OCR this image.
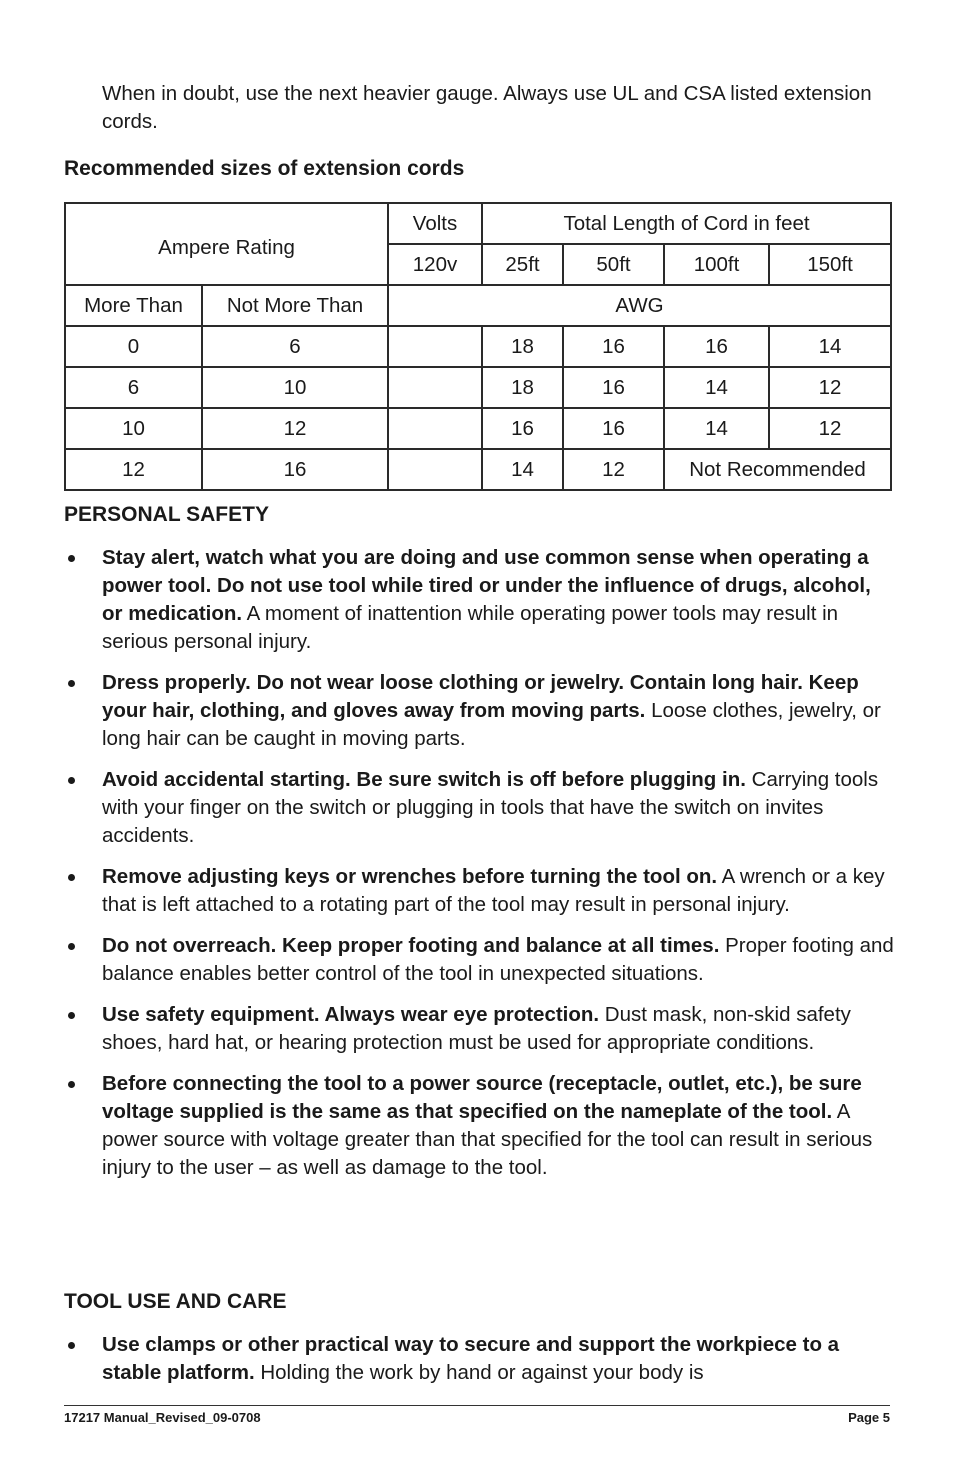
When in doubt, use the next heavier gauge. Always use UL and CSA listed extension cords.
Recommended sizes of extension cords
Ampere Rating		Volts	Total Length of Cord in feet			
		120v	25ft	50ft	100ft	150ft
More Than	Not More Than	AWG				
0	6		18	16	16	14
6	10		18	16	14	12
10	12		16	16	14	12
12	16		14	12	Not Recommended	
PERSONAL SAFETY
Stay alert, watch what you are doing and use common sense when operating a power tool. Do not use tool while tired or under the influence of drugs, alcohol, or medication. A moment of inattention while operating power tools may result in serious personal injury.
Dress properly. Do not wear loose clothing or jewelry. Contain long hair. Keep your hair, clothing, and gloves away from moving parts. Loose clothes, jewelry, or long hair can be caught in moving parts.
Avoid accidental starting. Be sure switch is off before plugging in. Carrying tools with your finger on the switch or plugging in tools that have the switch on invites accidents.
Remove adjusting keys or wrenches before turning the tool on. A wrench or a key that is left attached to a rotating part of the tool may result in personal injury.
Do not overreach. Keep proper footing and balance at all times. Proper footing and balance enables better control of the tool in unexpected situations.
Use safety equipment. Always wear eye protection. Dust mask, non-skid safety shoes, hard hat, or hearing protection must be used for appropriate conditions.
Before connecting the tool to a power source (receptacle, outlet, etc.), be sure voltage supplied is the same as that specified on the nameplate of the tool. A power source with voltage greater than that specified for the tool can result in serious injury to the user – as well as damage to the tool.
TOOL USE AND CARE
Use clamps or other practical way to secure and support the workpiece to a stable platform. Holding the work by hand or against your body is
17217 Manual_Revised_09-0708	Page 5
